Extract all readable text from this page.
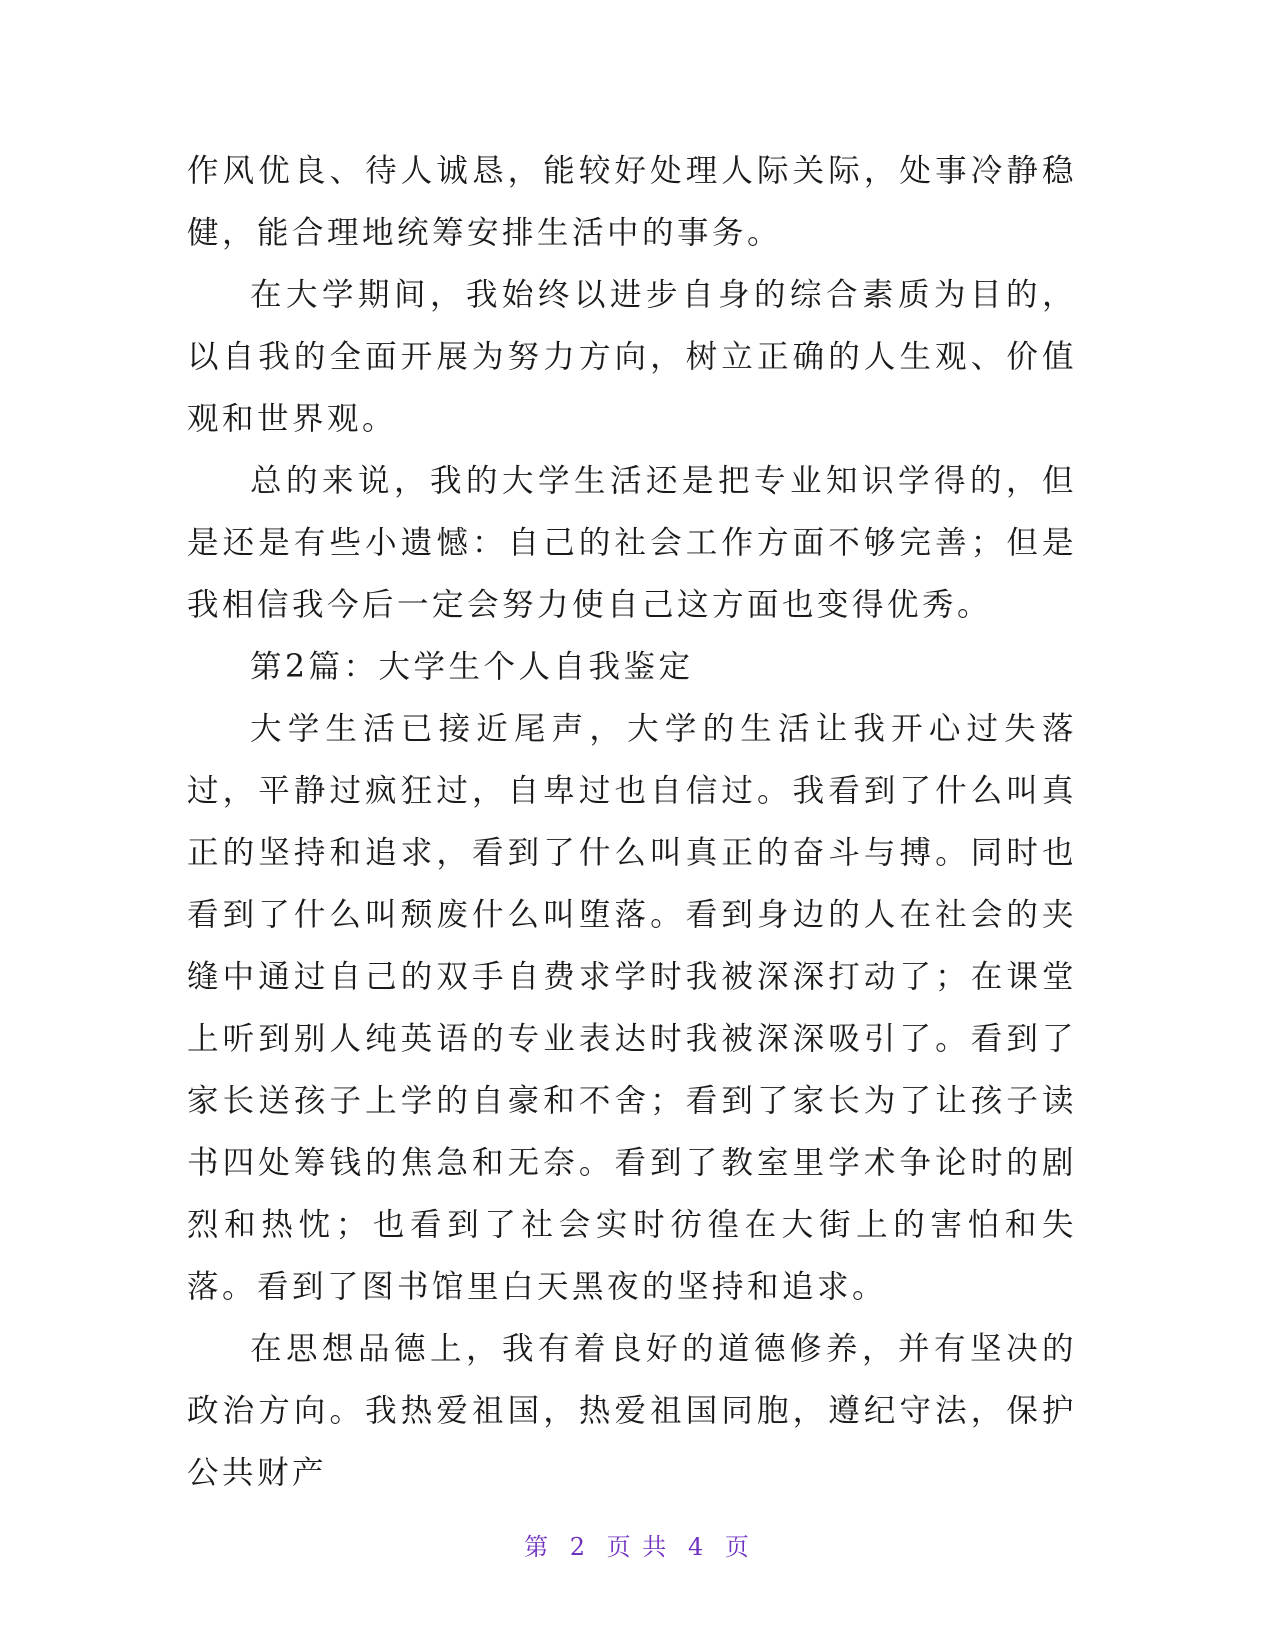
作风优良、待人诚恳，能较好处理人际关际，处事冷静稳健，能合理地统筹安排生活中的事务。

在大学期间，我始终以进步自身的综合素质为目的，以自我的全面开展为努力方向，树立正确的人生观、价值观和世界观。

总的来说，我的大学生活还是把专业知识学得的，但是还是有些小遗憾：自己的社会工作方面不够完善；但是我相信我今后一定会努力使自己这方面也变得优秀。

第2篇：大学生个人自我鉴定

大学生活已接近尾声，大学的生活让我开心过失落过，平静过疯狂过，自卑过也自信过。我看到了什么叫真正的坚持和追求，看到了什么叫真正的奋斗与搏。同时也看到了什么叫颓废什么叫堕落。看到身边的人在社会的夹缝中通过自己的双手自费求学时我被深深打动了；在课堂上听到别人纯英语的专业表达时我被深深吸引了。看到了家长送孩子上学的自豪和不舍；看到了家长为了让孩子读书四处筹钱的焦急和无奈。看到了教室里学术争论时的剧烈和热忱；也看到了社会实时彷徨在大街上的害怕和失落。看到了图书馆里白天黑夜的坚持和追求。

在思想品德上，我有着良好的道德修养，并有坚决的政治方向。我热爱祖国，热爱祖国同胞，遵纪守法，保护公共财产

第 2 页 共 4 页
